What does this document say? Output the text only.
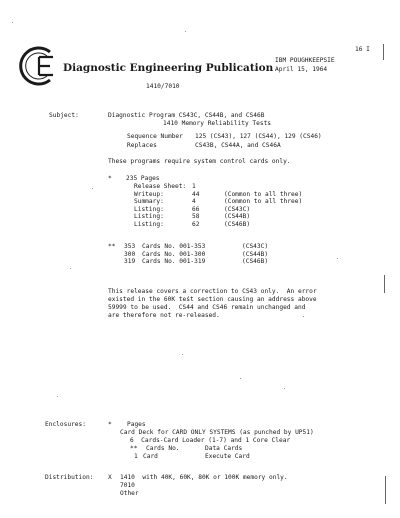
Diagnostic Engineering Publication
16 I
IBM POUGHKEEPSIE
April 15, 1964
1410/7010
Subject:	Diagnostic Program CS43C, CS44B, and CS46B
1410 Memory Reliability Tests
Sequence Number 125 (CS43), 127 (CS44), 129 (CS46)
Replaces	CS43B, CS44A, and CS46A
These programs require system control cards only.
* 235 Pages
Release Sheet:	1	
Writeup:	44	(Common to all three)
Summary:	4	(Common to all three)
Listing:	66	(CS43C)
Listing:	58	(CS44B)
Listing:	62	(CS46B)
** 353	Cards No. 001-353	(CS43C)
300	Cards No. 001-300	(CS44B)
319	Cards No. 001-319	(CS46B)
This release covers a correction to CS43 only.  An error
existed in the 60K test section causing an address above
59999 to be used.  CS44 and CS46 remain unchanged and
are therefore not re-released.
Enclosures:	* Pages
Card Deck for CARD ONLY SYSTEMS (as punched by UP51)
6  Cards-Card Loader (1-7) and 1 Core Clear
** Cards No.	Data Cards
1 Card	Execute Card
Distribution: X 1410  with 40K, 60K, 80K or 100K memory only.
7010
Other
